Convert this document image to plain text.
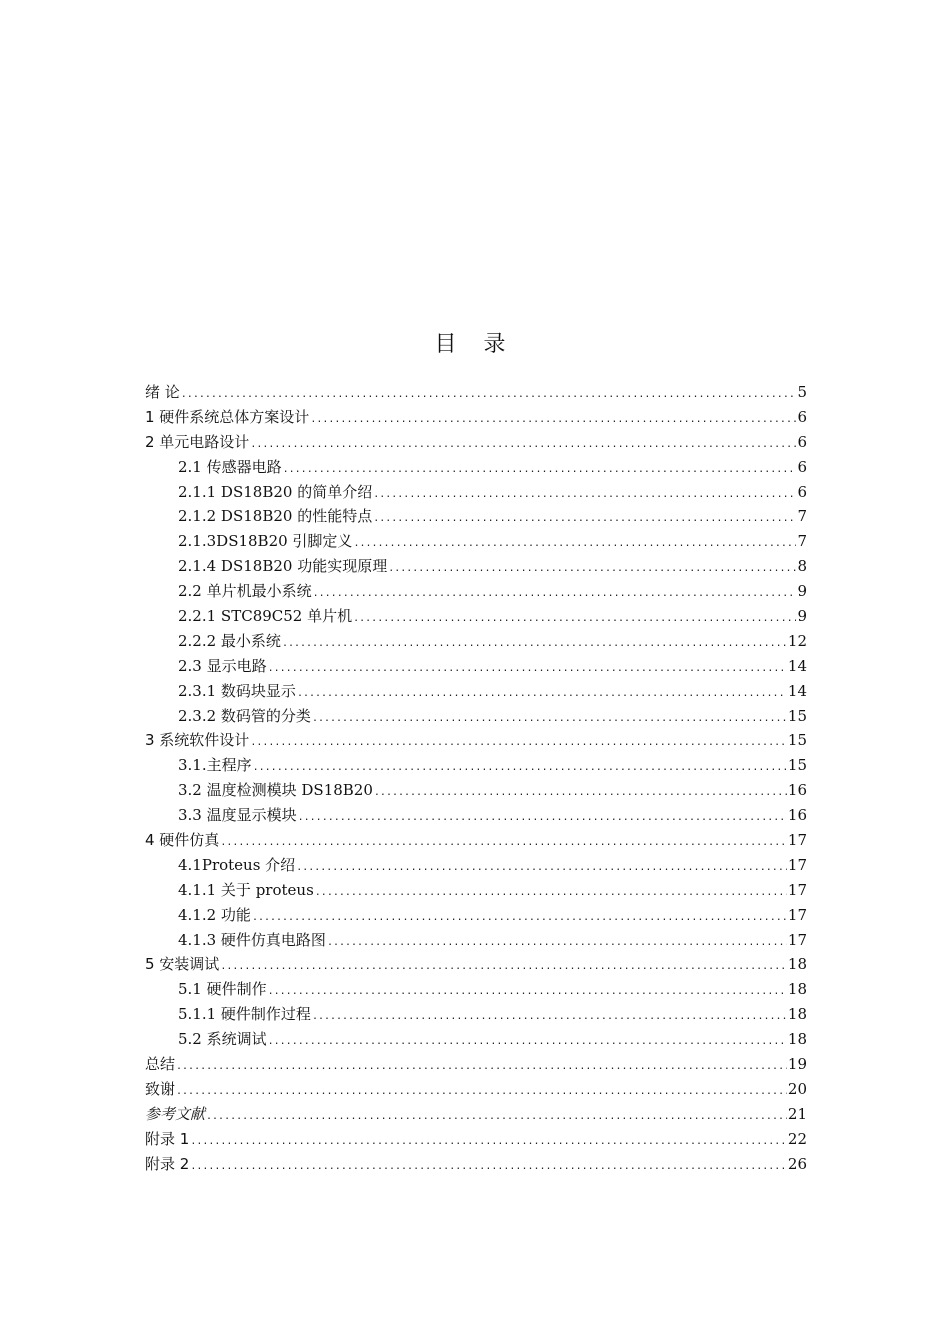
目 录
绪 论 .....	5
1 硬件系统总体方案设计 .....	6
2 单元电路设计 .....	6
2.1 传感器电路 .....	6
2.1.1 DS18B20 的简单介绍 .....	6
2.1.2 DS18B20 的性能特点 .....	7
2.1.3DS18B20 引脚定义 .....	7
2.1.4 DS18B20 功能实现原理 .....	8
2.2 单片机最小系统 .....	9
2.2.1 STC89C52 单片机 .....	9
2.2.2 最小系统 .....	12
2.3 显示电路 .....	14
2.3.1 数码块显示 .....	14
2.3.2 数码管的分类 .....	15
3 系统软件设计 .....	15
3.1.主程序 .....	15
3.2 温度检测模块 DS18B20 .....	16
3.3 温度显示模块 .....	16
4 硬件仿真 .....	17
4.1Proteus 介绍 .....	17
4.1.1 关于 proteus .....	17
4.1.2 功能 .....	17
4.1.3 硬件仿真电路图 .....	17
5 安装调试 .....	18
5.1 硬件制作 .....	18
5.1.1 硬件制作过程 .....	18
5.2 系统调试 .....	18
总结 .....	19
致谢 .....	20
参考文献 .....	21
附录 1 .....	22
附录 2 .....	26
